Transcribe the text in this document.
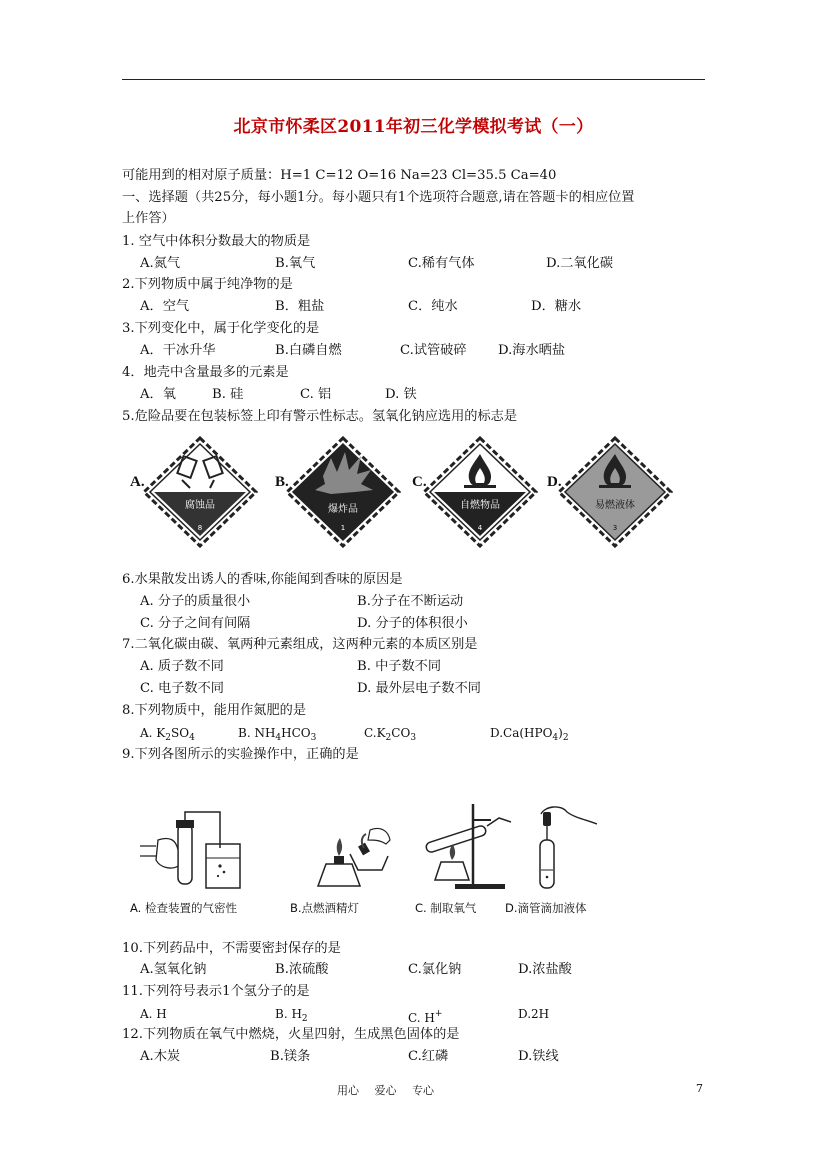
北京市怀柔区2011年初三化学模拟考试（一）
可能用到的相对原子质量：H=1 C=12 O=16 Na=23 Cl=35.5 Ca=40
一、选择题（共25分，每小题1分。每小题只有1个选项符合题意,请在答题卡的相应位置
上作答）
1. 空气中体积分数最大的物质是
A.氮气	B.氧气	C.稀有气体	D.二氧化碳
2.下列物质中属于纯净物的是
A．空气	B．粗盐	C．纯水	D．糖水
3.下列变化中，属于化学变化的是
A．干冰升华	B.白磷自燃	C.试管破碎 D.海水晒盐
4．地壳中含量最多的元素是
A．氧	B. 硅	C. 铝	D. 铁
5.危险品要在包装标签上印有警示性标志。氢氧化钠应选用的标志是
A.
腐蚀品
8
B.
爆炸品
1
C.
自燃物品
4
D.
易燃液体
3
6.水果散发出诱人的香味,你能闻到香味的原因是
A. 分子的质量很小	B.分子在不断运动
C. 分子之间有间隔	D. 分子的体积很小
7.二氧化碳由碳、氧两种元素组成，这两种元素的本质区别是
A. 质子数不同	B. 中子数不同
C. 电子数不同	D. 最外层电子数不同
8.下列物质中，能用作氮肥的是
A. $K_2SO_4$	B. $NH_4HCO_3$	$C.K_2CO_3$	$D.Ca(HPO_4)_2$
9.下列各图所示的实验操作中，正确的是
A. 检查装置的气密性	B.点燃酒精灯	C. 制取氧气 D.滴管滴加液体
10.下列药品中，不需要密封保存的是
A.氢氧化钠	B.浓硫酸	C.氯化钠	D.浓盐酸
11.下列符号表示1个氢分子的是
A. H	B. $H_2$	C. H+	D.2H
12.下列物质在氧气中燃烧，火星四射，生成黑色固体的是
A.木炭	B.镁条	C.红磷	D.铁线
用心 爱心 专心	7
